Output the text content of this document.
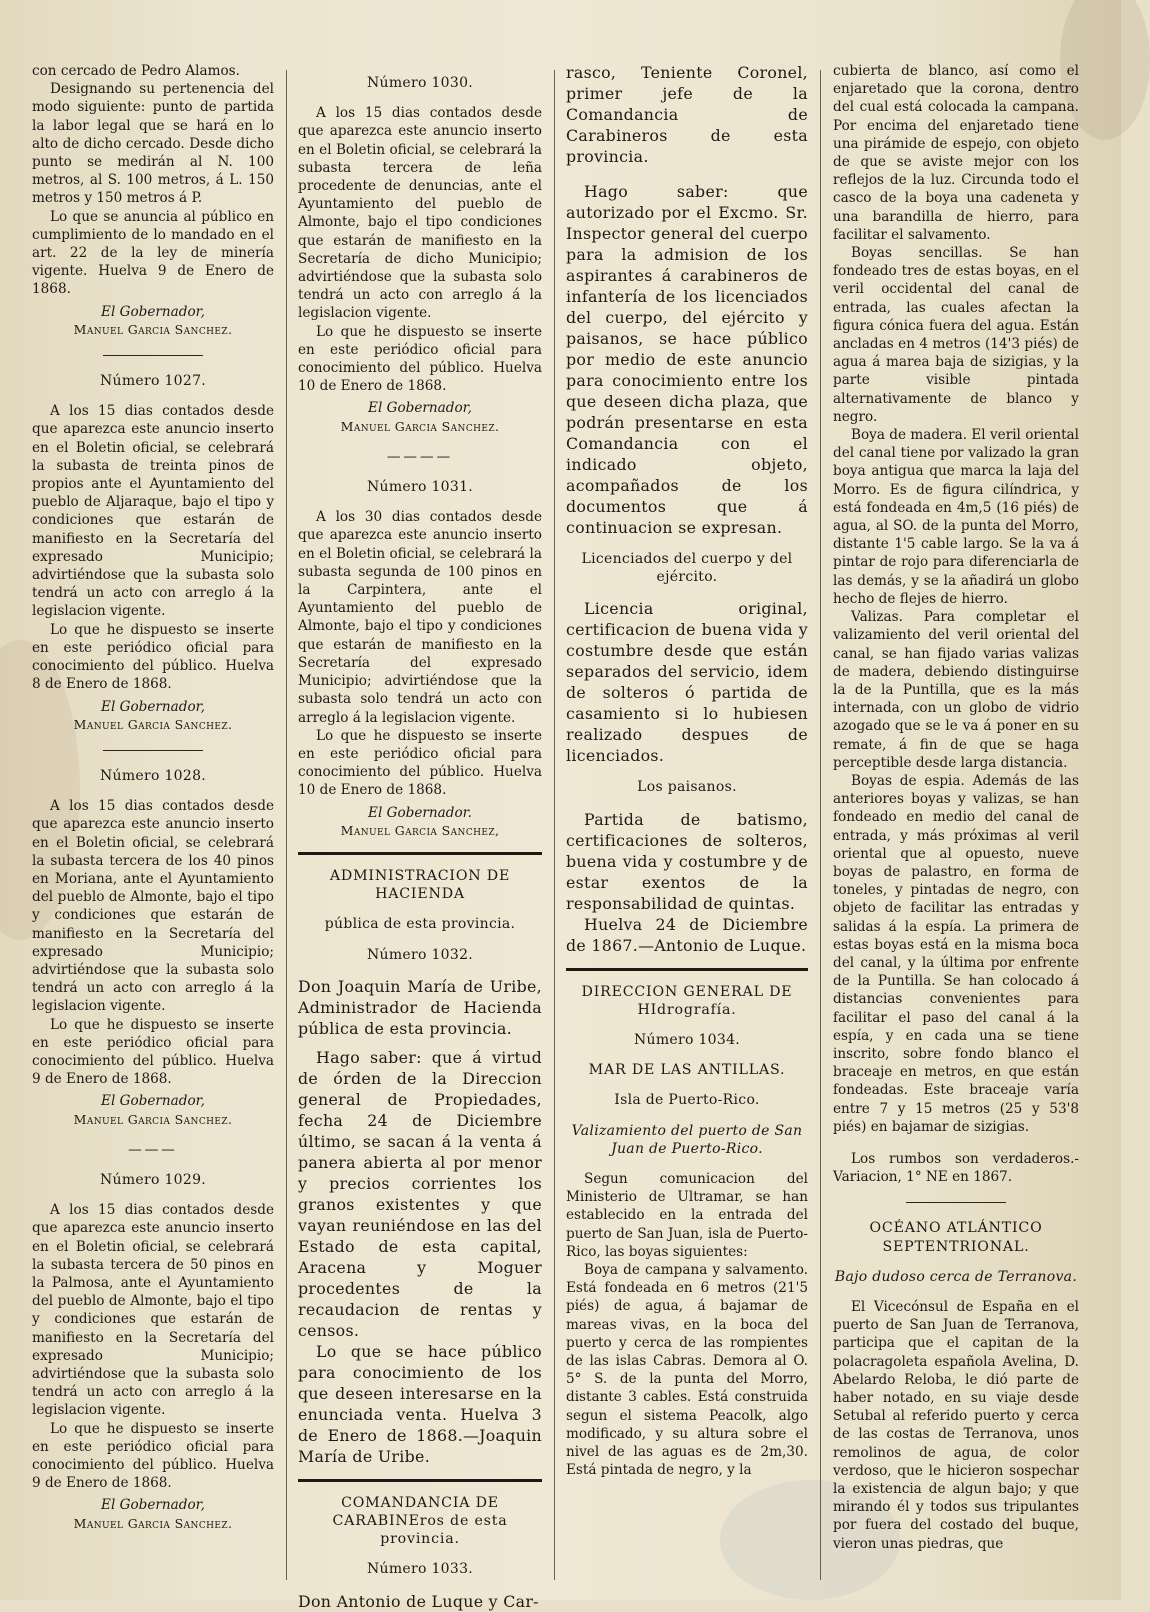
con cercado de Pedro Alamos.

Designando su pertenencia del modo siguiente: punto de partida la labor legal que se hará en lo alto de dicho cercado. Desde dicho punto se medirán al N. 100 metros, al S. 100 metros, á L. 150 metros y 150 metros á P.

Lo que se anuncia al público en cumplimiento de lo mandado en el art. 22 de la ley de minería vigente. Huelva 9 de Enero de 1868.

El Gobernador,
Manuel Garcia Sanchez.
Número 1027.

A los 15 dias contados desde que aparezca este anuncio inserto en el Boletin oficial, se celebrará la subasta de treinta pinos de propios ante el Ayuntamiento del pueblo de Aljaraque, bajo el tipo y condiciones que estarán de manifiesto en la Secretaría del expresado Municipio; advirtiéndose que la subasta solo tendrá un acto con arreglo á la legislacion vigente.

Lo que he dispuesto se inserte en este periódico oficial para conocimiento del público. Huelva 8 de Enero de 1868.

El Gobernador,
Manuel Garcia Sanchez.
Número 1028.

A los 15 dias contados desde que aparezca este anuncio inserto en el Boletin oficial, se celebrará la subasta tercera de los 40 pinos en Moriana, ante el Ayuntamiento del pueblo de Almonte, bajo el tipo y condiciones que estarán de manifiesto en la Secretaría del expresado Municipio; advirtiéndose que la subasta solo tendrá un acto con arreglo á la legislacion vigente.

Lo que he dispuesto se inserte en este periódico oficial para conocimiento del público. Huelva 9 de Enero de 1868.

El Gobernador,
Manuel Garcia Sanchez.
———
Número 1029.

A los 15 dias contados desde que aparezca este anuncio inserto en el Boletin oficial, se celebrará la subasta tercera de 50 pinos en la Palmosa, ante el Ayuntamiento del pueblo de Almonte, bajo el tipo y condiciones que estarán de manifiesto en la Secretaría del expresado Municipio; advirtiéndose que la subasta solo tendrá un acto con arreglo á la legislacion vigente.

Lo que he dispuesto se inserte en este periódico oficial para conocimiento del público. Huelva 9 de Enero de 1868.

El Gobernador,
Manuel Garcia Sanchez.
Número 1030.

A los 15 dias contados desde que aparezca este anuncio inserto en el Boletin oficial, se celebrará la subasta tercera de leña procedente de denuncias, ante el Ayuntamiento del pueblo de Almonte, bajo el tipo condiciones que estarán de manifiesto en la Secretaría de dicho Municipio; advirtiéndose que la subasta solo tendrá un acto con arreglo á la legislacion vigente.

Lo que he dispuesto se inserte en este periódico oficial para conocimiento del público. Huelva 10 de Enero de 1868.

El Gobernador,
Manuel Garcia Sanchez.
————
Número 1031.

A los 30 dias contados desde que aparezca este anuncio inserto en el Boletin oficial, se celebrará la subasta segunda de 100 pinos en la Carpintera, ante el Ayuntamiento del pueblo de Almonte, bajo el tipo y condiciones que estarán de manifiesto en la Secretaría del expresado Municipio; advirtiéndose que la subasta solo tendrá un acto con arreglo á la legislacion vigente.

Lo que he dispuesto se inserte en este periódico oficial para conocimiento del público. Huelva 10 de Enero de 1868.

El Gobernador.
Manuel Garcia Sanchez,
ADMINISTRACION DE HACIENDA
pública de esta provincia.
Número 1032.

Don Joaquin María de Uribe, Administrador de Hacienda pública de esta provincia.

Hago saber: que á virtud de órden de la Direccion general de Propiedades, fecha 24 de Diciembre último, se sacan á la venta á panera abierta al por menor y precios corrientes los granos existentes y que vayan reuniéndose en las del Estado de esta capital, Aracena y Moguer procedentes de la recaudacion de rentas y censos.

Lo que se hace público para conocimiento de los que deseen interesarse en la enunciada venta. Huelva 3 de Enero de 1868.—Joaquin María de Uribe.

COMANDANCIA DE CARABINEros de esta provincia.
Número 1033.

Don Antonio de Luque y Car-

rasco, Teniente Coronel, primer jefe de la Comandancia de Carabineros de esta provincia.

Hago saber: que autorizado por el Excmo. Sr. Inspector general del cuerpo para la admision de los aspirantes á carabineros de infantería de los licenciados del cuerpo, del ejército y paisanos, se hace público por medio de este anuncio para conocimiento entre los que deseen dicha plaza, que podrán presentarse en esta Comandancia con el indicado objeto, acompañados de los documentos que á continuacion se expresan.

Licenciados del cuerpo y del ejército.

Licencia original, certificacion de buena vida y costumbre desde que están separados del servicio, idem de solteros ó partida de casamiento si lo hubiesen realizado despues de licenciados.

Los paisanos.

Partida de batismo, certificaciones de solteros, buena vida y costumbre y de estar exentos de la responsabilidad de quintas.

Huelva 24 de Diciembre de 1867.—Antonio de Luque.

DIRECCION GENERAL DE HIdrografía.
Número 1034.
MAR DE LAS ANTILLAS.
Isla de Puerto-Rico.
Valizamiento del puerto de San Juan de Puerto-Rico.

Segun comunicacion del Ministerio de Ultramar, se han establecido en la entrada del puerto de San Juan, isla de Puerto-Rico, las boyas siguientes:

Boya de campana y salvamento. Está fondeada en 6 metros (21'5 piés) de agua, á bajamar de mareas vivas, en la boca del puerto y cerca de las rompientes de las islas Cabras. Demora al O. 5° S. de la punta del Morro, distante 3 cables. Está construida segun el sistema Peacolk, algo modificado, y su altura sobre el nivel de las aguas es de 2m,30. Está pintada de negro, y la

cubierta de blanco, así como el enjaretado que la corona, dentro del cual está colocada la campana. Por encima del enjaretado tiene una pirámide de espejo, con objeto de que se aviste mejor con los reflejos de la luz. Circunda todo el casco de la boya una cadeneta y una barandilla de hierro, para facilitar el salvamento.

Boyas sencillas. Se han fondeado tres de estas boyas, en el veril occidental del canal de entrada, las cuales afectan la figura cónica fuera del agua. Están ancladas en 4 metros (14'3 piés) de agua á marea baja de sizigias, y la parte visible pintada alternativamente de blanco y negro.

Boya de madera. El veril oriental del canal tiene por valizado la gran boya antigua que marca la laja del Morro. Es de figura cilíndrica, y está fondeada en 4m,5 (16 piés) de agua, al SO. de la punta del Morro, distante 1'5 cable largo. Se la va á pintar de rojo para diferenciarla de las demás, y se la añadirá un globo hecho de flejes de hierro.

Valizas. Para completar el valizamiento del veril oriental del canal, se han fijado varias valizas de madera, debiendo distinguirse la de la Puntilla, que es la más internada, con un globo de vidrio azogado que se le va á poner en su remate, á fin de que se haga perceptible desde larga distancia.

Boyas de espia. Además de las anteriores boyas y valizas, se han fondeado en medio del canal de entrada, y más próximas al veril oriental que al opuesto, nueve boyas de palastro, en forma de toneles, y pintadas de negro, con objeto de facilitar las entradas y salidas á la espía. La primera de estas boyas está en la misma boca del canal, y la última por enfrente de la Puntilla. Se han colocado á distancias convenientes para facilitar el paso del canal á la espía, y en cada una se tiene inscrito, sobre fondo blanco el braceaje en metros, en que están fondeadas. Este braceaje varía entre 7 y 15 metros (25 y 53'8 piés) en bajamar de sizigias.

Los rumbos son verdaderos.-Variacion, 1° NE en 1867.

OCÉANO ATLÁNTICO SEPTENTRIONAL.
Bajo dudoso cerca de Terranova.

El Vicecónsul de España en el puerto de San Juan de Terranova, participa que el capitan de la polacragoleta española Avelina, D. Abelardo Reloba, le dió parte de haber notado, en su viaje desde Setubal al referido puerto y cerca de las costas de Terranova, unos remolinos de agua, de color verdoso, que le hicieron sospechar la existencia de algun bajo; y que mirando él y todos sus tripulantes por fuera del costado del buque, vieron unas piedras, que
